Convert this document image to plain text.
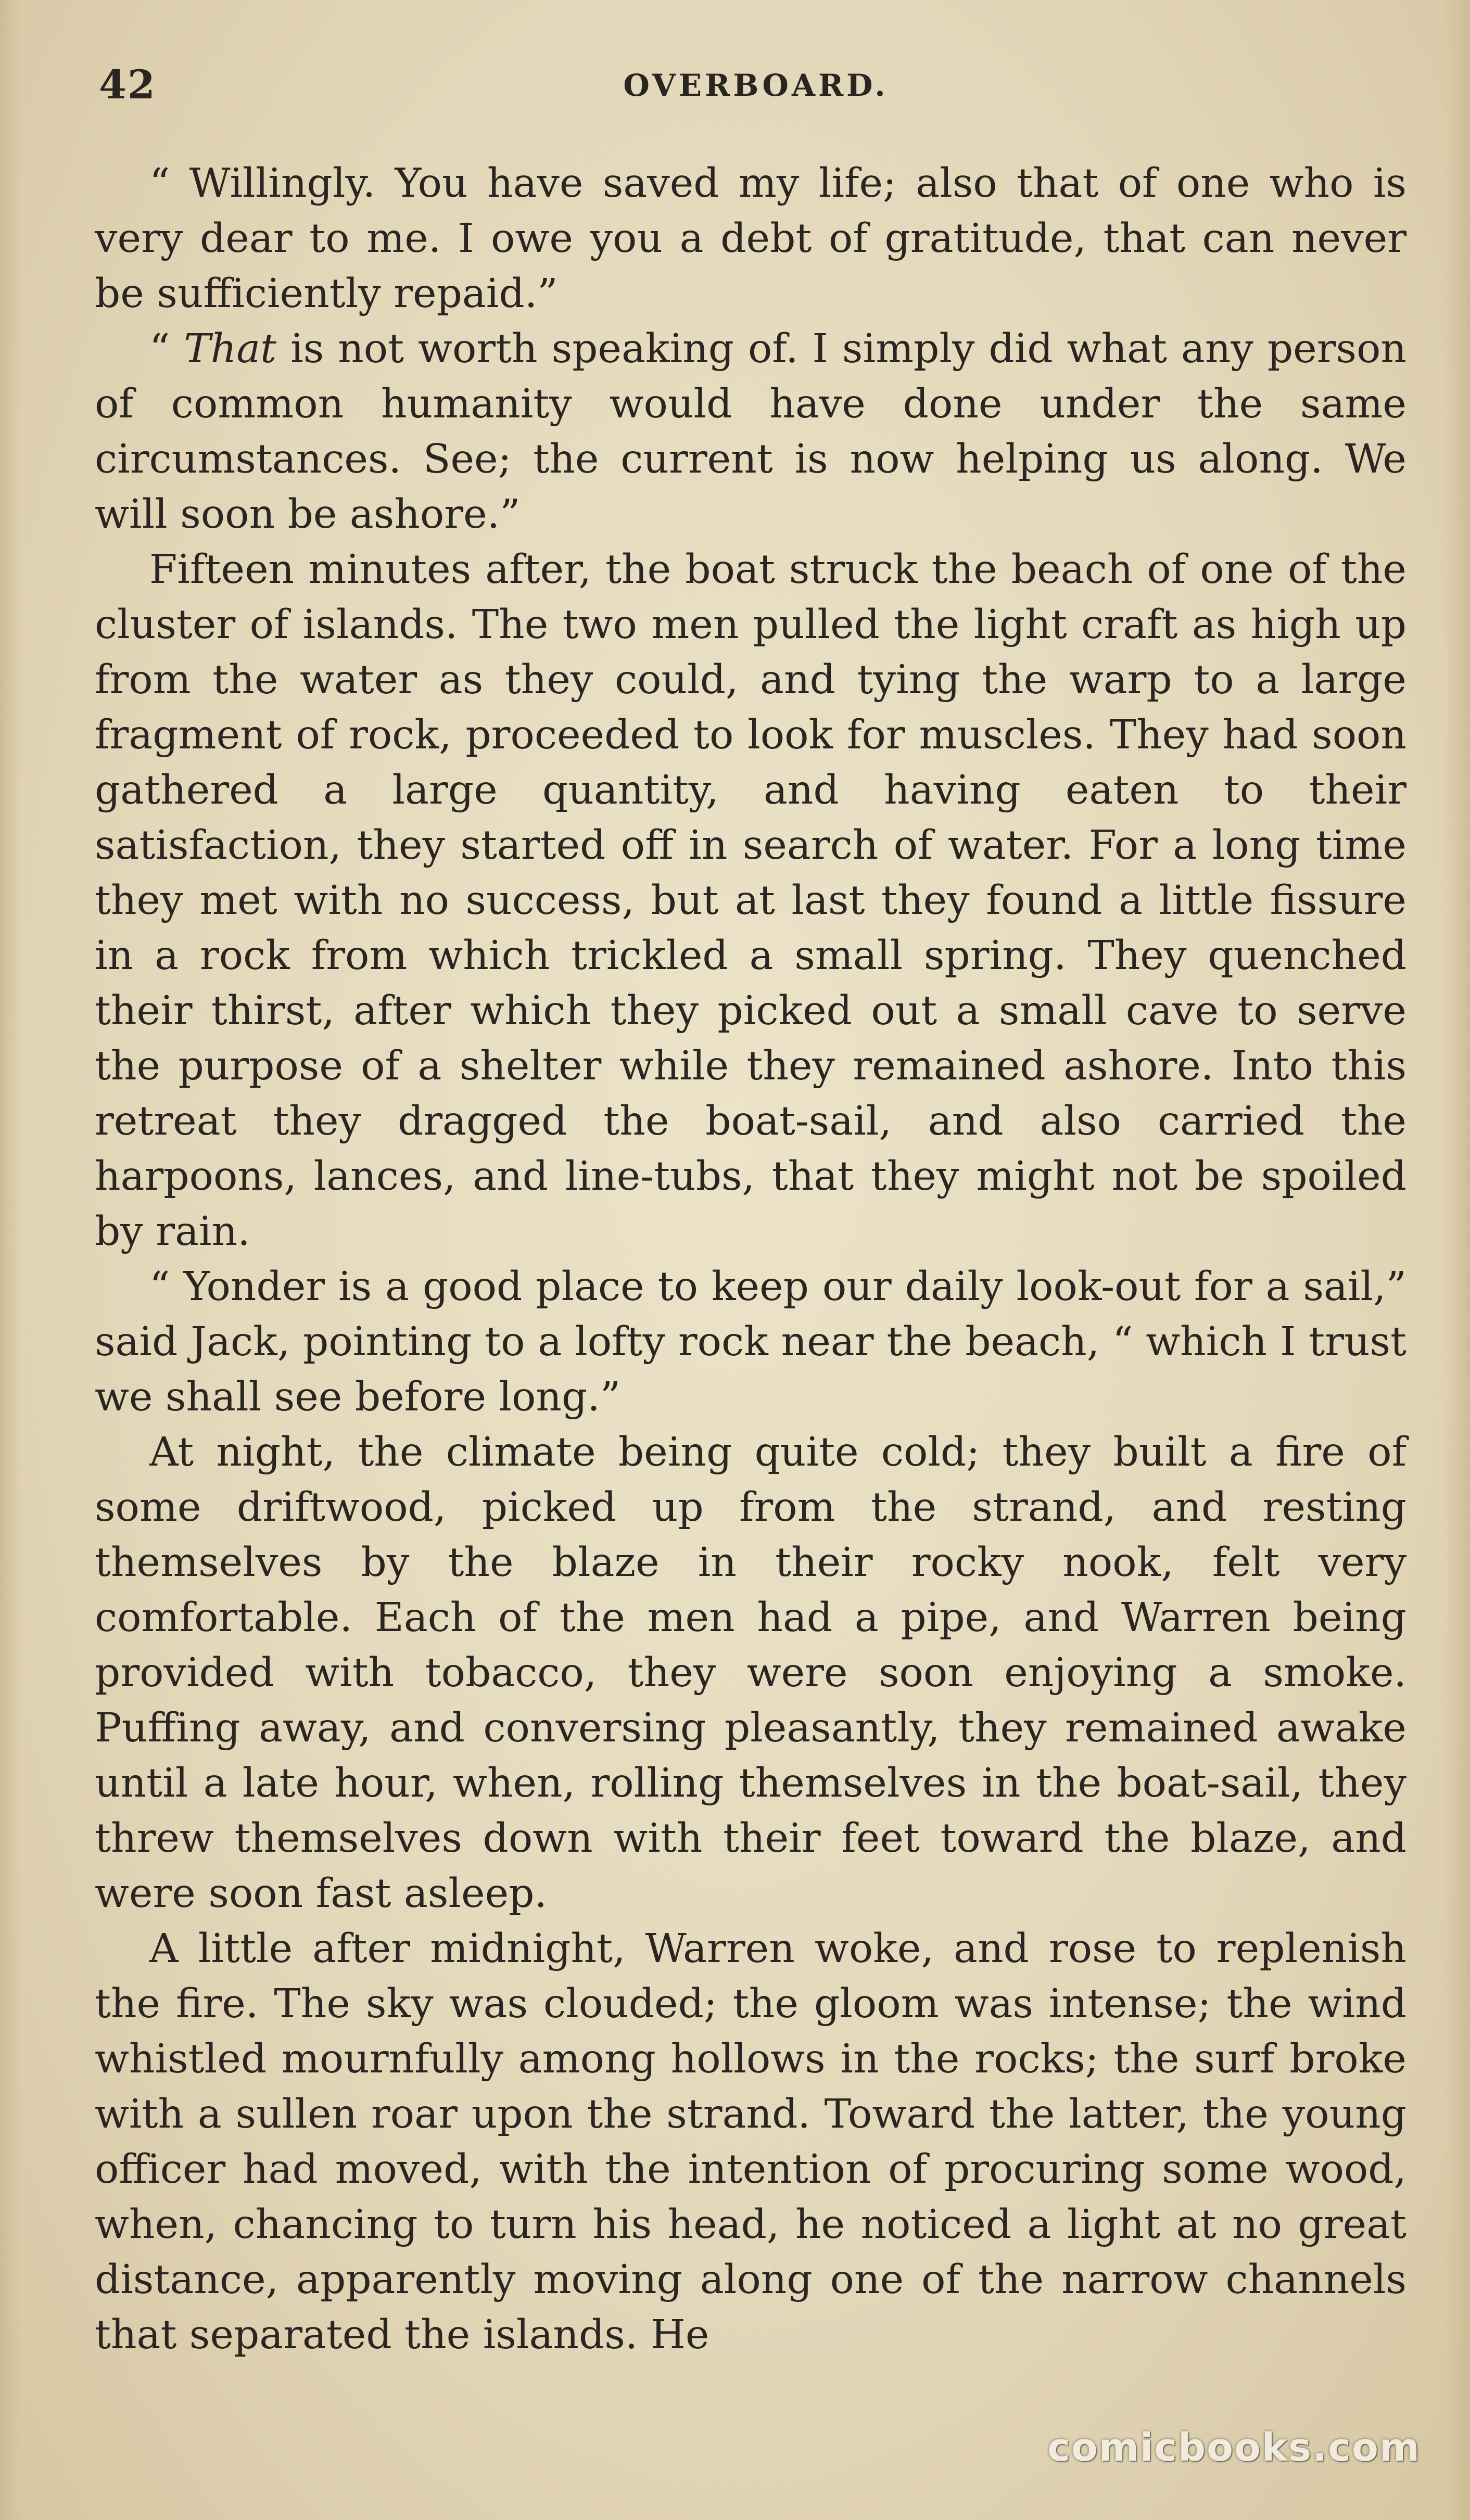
42	OVERBOARD.

“ Willingly. You have saved my life; also that of one who is very dear to me. I owe you a debt of gratitude, that can never be sufficiently repaid.”

“ That is not worth speaking of. I simply did what any person of common humanity would have done under the same circumstances. See; the current is now helping us along. We will soon be ashore.”

Fifteen minutes after, the boat struck the beach of one of the cluster of islands. The two men pulled the light craft as high up from the water as they could, and tying the warp to a large fragment of rock, proceeded to look for muscles. They had soon gathered a large quantity, and having eaten to their satisfaction, they started off in search of water. For a long time they met with no success, but at last they found a little fissure in a rock from which trickled a small spring. They quenched their thirst, after which they picked out a small cave to serve the purpose of a shelter while they remained ashore. Into this retreat they dragged the boat-sail, and also carried the harpoons, lances, and line-tubs, that they might not be spoiled by rain.

“ Yonder is a good place to keep our daily look-out for a sail,” said Jack, pointing to a lofty rock near the beach, “ which I trust we shall see before long.”

At night, the climate being quite cold; they built a fire of some driftwood, picked up from the strand, and resting themselves by the blaze in their rocky nook, felt very comfortable. Each of the men had a pipe, and Warren being provided with tobacco, they were soon enjoying a smoke. Puffing away, and conversing pleasantly, they remained awake until a late hour, when, rolling themselves in the boat-sail, they threw themselves down with their feet toward the blaze, and were soon fast asleep.

A little after midnight, Warren woke, and rose to replenish the fire. The sky was clouded; the gloom was intense; the wind whistled mournfully among hollows in the rocks; the surf broke with a sullen roar upon the strand. Toward the latter, the young officer had moved, with the intention of procuring some wood, when, chancing to turn his head, he noticed a light at no great distance, apparently moving along one of the narrow channels that separated the islands. He

comicbooks.com
